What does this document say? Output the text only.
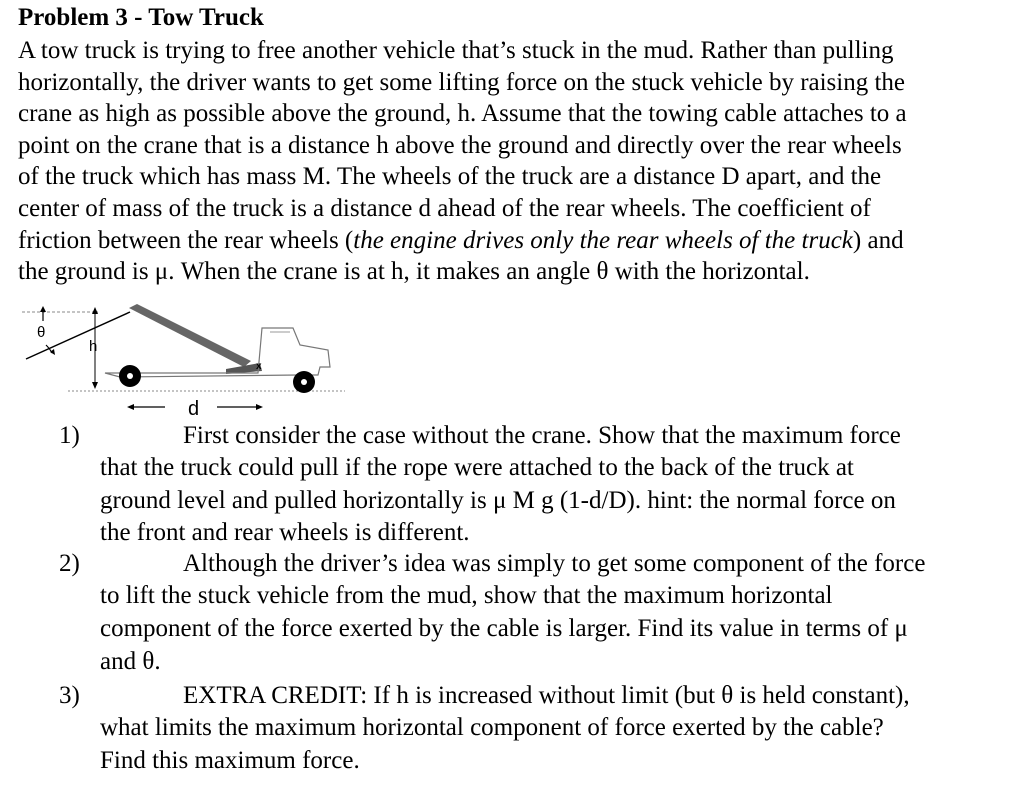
Problem 3 - Tow Truck
A tow truck is trying to free another vehicle that’s stuck in the mud. Rather than pulling
horizontally, the driver wants to get some lifting force on the stuck vehicle by raising the
crane as high as possible above the ground, h. Assume that the towing cable attaches to a
point on the crane that is a distance h above the ground and directly over the rear wheels
of the truck which has mass M. The wheels of the truck are a distance D apart, and the
center of mass of the truck is a distance d ahead of the rear wheels. The coefficient of
friction between the rear wheels (the engine drives only the rear wheels of the truck) and
the ground is μ. When the crane is at h, it makes an angle θ with the horizontal.
θ
h
x
d
1)	First consider the case without the crane. Show that the maximum force
that the truck could pull if the rope were attached to the back of the truck at
ground level and pulled horizontally is μ M g (1-d/D). hint: the normal force on
the front and rear wheels is different.
2)	Although the driver’s idea was simply to get some component of the force
to lift the stuck vehicle from the mud, show that the maximum horizontal
component of the force exerted by the cable is larger. Find its value in terms of μ
and θ.
3)	EXTRA CREDIT: If h is increased without limit (but θ is held constant),
what limits the maximum horizontal component of force exerted by the cable?
Find this maximum force.
